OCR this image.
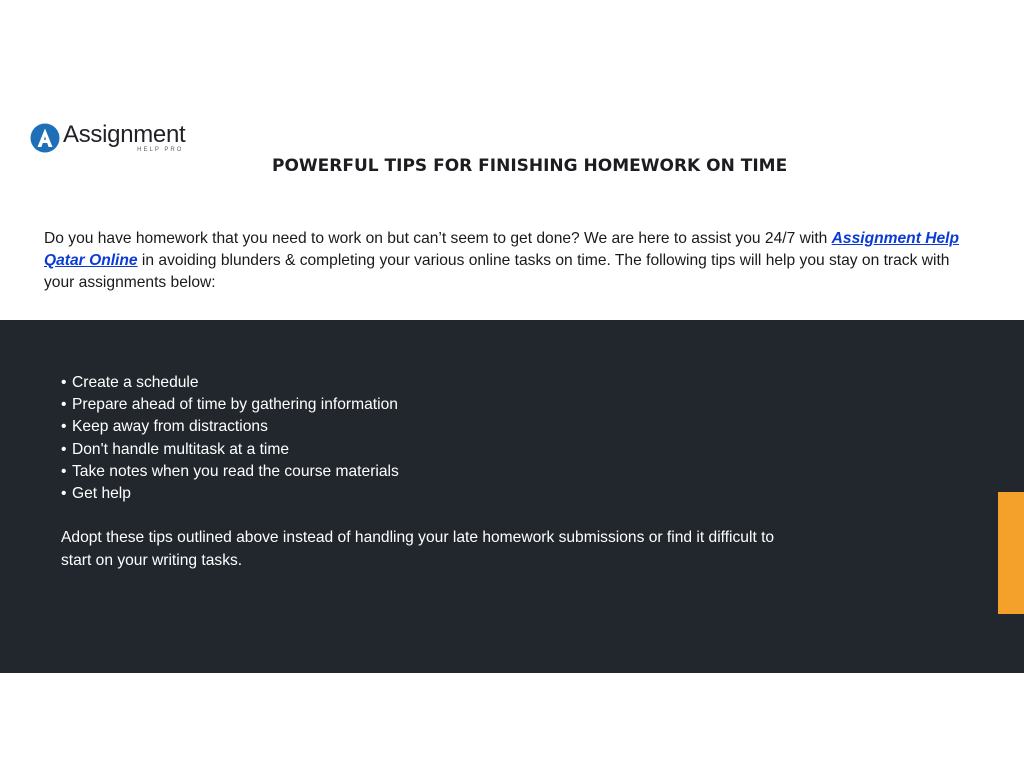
Assignment
HELP PRO
POWERFUL TIPS FOR FINISHING HOMEWORK ON TIME

Do you have homework that you need to work on but can’t seem to get done? We are here to assist you 24/7 with Assignment Help Qatar Online in avoiding blunders & completing your various online tasks on time. The following tips will help you stay on track with your assignments below:

• Create a schedule
• Prepare ahead of time by gathering information
• Keep away from distractions
• Don't handle multitask at a time
• Take notes when you read the course materials
• Get help

Adopt these tips outlined above instead of handling your late homework submissions or find it difficult to start on your writing tasks.
